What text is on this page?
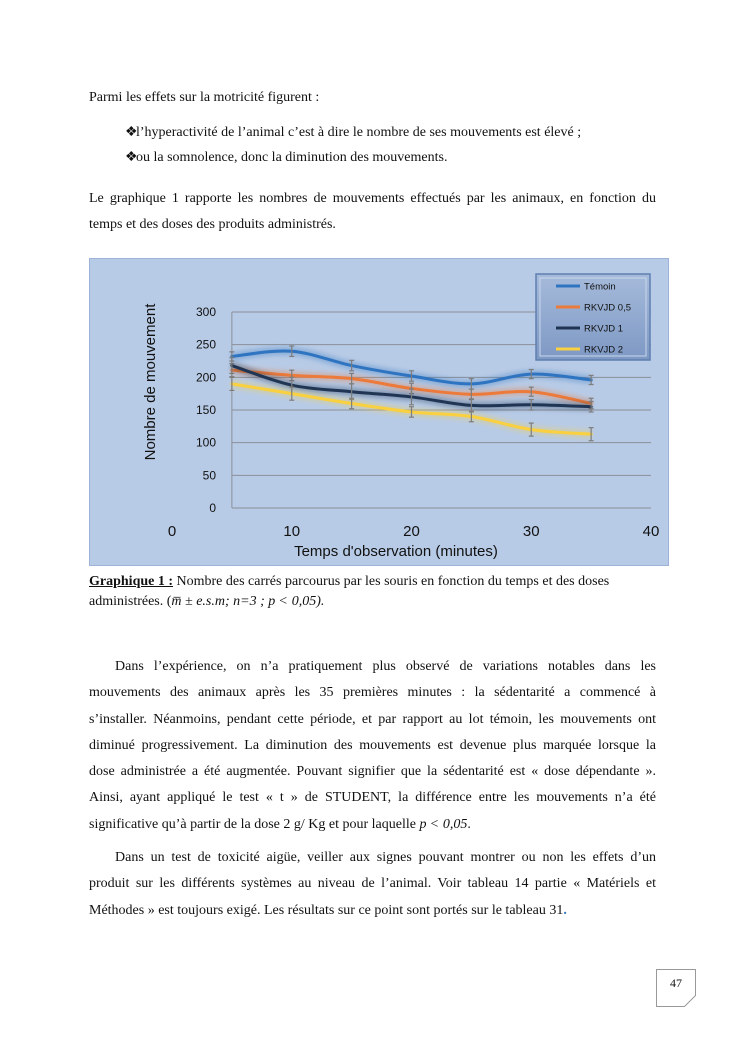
Parmi les effets sur la motricité figurent :
❖l’hyperactivité de l’animal c’est à dire le nombre de ses mouvements est élevé ;
❖ou la somnolence, donc la diminution des mouvements.
Le graphique 1 rapporte les nombres de mouvements effectués par les animaux, en fonction du
temps et des doses des produits administrés.
0
50
100
150
200
250
300
0	10	20	30	40
Nombre de mouvement
Temps d'observation (minutes)
Témoin
RKVJD 0,5
RKVJD 1
RKVJD 2
Graphique 1 : Nombre des carrés parcourus par les souris en fonction du temps et des doses
administrées. (m̅ ± e.s.m; n=3 ; p ˂ 0,05).
Dans l’expérience, on n’a pratiquement plus observé de variations notables dans les
mouvements des animaux après les 35 premières minutes : la sédentarité a commencé à
s’installer. Néanmoins, pendant cette période, et par rapport au lot témoin, les mouvements ont
diminué progressivement. La diminution des mouvements est devenue plus marquée lorsque la
dose administrée a été augmentée. Pouvant signifier que la sédentarité est « dose dépendante ».
Ainsi, ayant appliqué le test « t » de STUDENT, la différence entre les mouvements n’a été
significative qu’à partir de la dose 2 g/ Kg et pour laquelle p ˂ 0,05.
Dans un test de toxicité aigüe, veiller aux signes pouvant montrer ou non les effets d’un
produit sur les différents systèmes au niveau de l’animal. Voir tableau 14 partie « Matériels et
Méthodes » est toujours exigé. Les résultats sur ce point sont portés sur le tableau 31.
47
